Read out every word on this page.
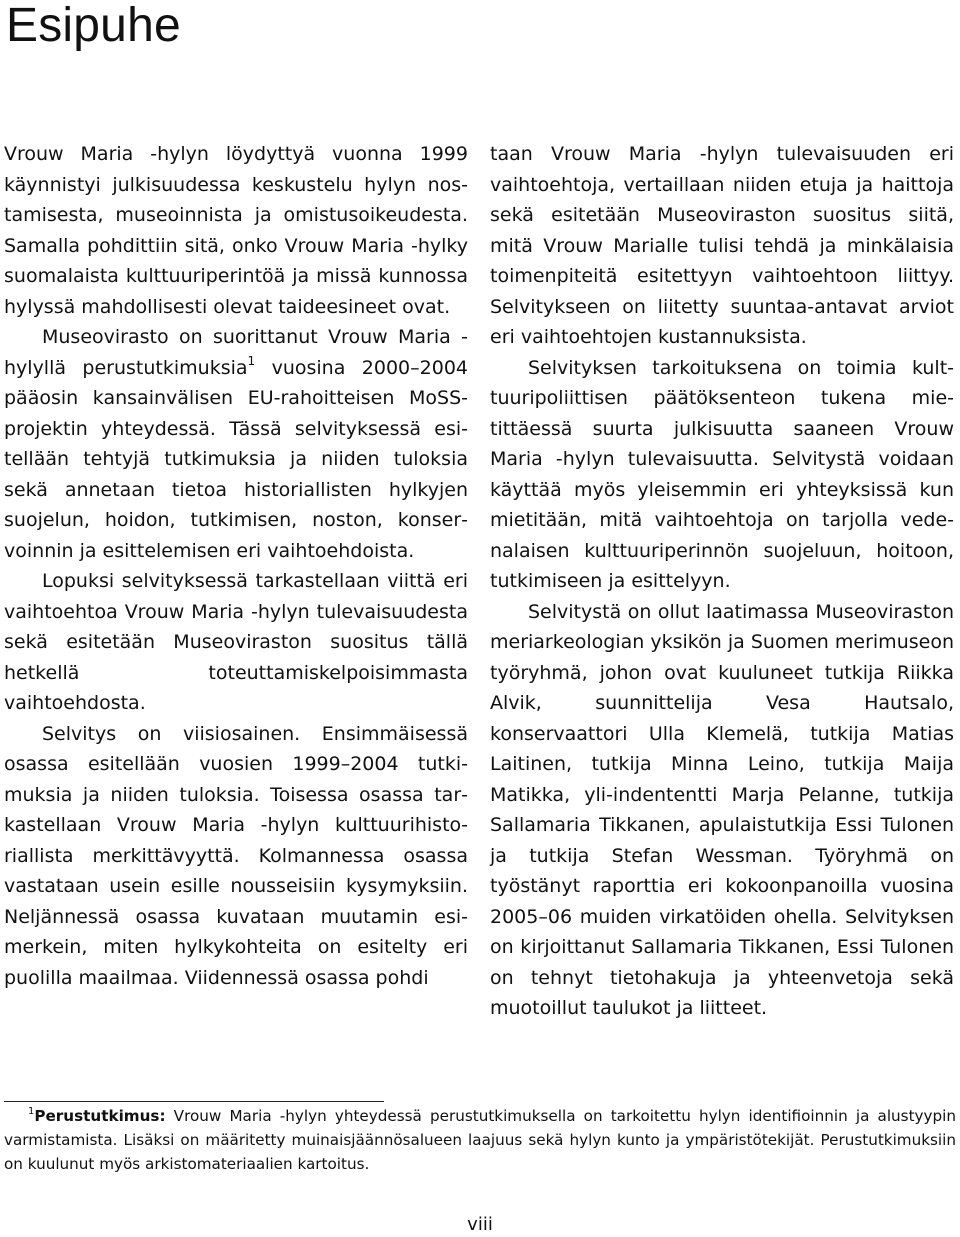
Esipuhe

Vrouw Maria -hylyn löydyttyä vuonna 1999 käynnistyi julkisuudessa keskustelu hylyn nostamisesta, museoinnista ja omistusoikeudesta. Samalla pohdittiin sitä, onko Vrouw Maria -hylky suomalaista kulttuuriperintöä ja missä kunnossa hylyssä mahdollisesti olevat taideesineet ovat.

Museovirasto on suorittanut Vrouw Maria -hylyllä perustutkimuksia$^1$ vuosina 2000–2004 pääosin kansainvälisen EU-rahoitteisen MoSS-projektin yhteydessä. Tässä selvityksessä esitellään tehtyjä tutkimuksia ja niiden tuloksia sekä annetaan tietoa historiallisten hylkyjen suojelun, hoidon, tutkimisen, noston, konservoinnin ja esittelemisen eri vaihtoehdoista.

Lopuksi selvityksessä tarkastellaan viittä eri vaihtoehtoa Vrouw Maria -hylyn tulevaisuudesta sekä esitetään Museoviraston suositus tällä hetkellä toteuttamiskelpoisimmasta vaihtoehdosta.

Selvitys on viisiosainen. Ensimmäisessä osassa esitellään vuosien 1999–2004 tutkimuksia ja niiden tuloksia. Toisessa osassa tarkastellaan Vrouw Maria -hylyn kulttuurihistoriallista merkittävyyttä. Kolmannessa osassa vastataan usein esille nousseisiin kysymyksiin. Neljännessä osassa kuvataan muutamin esimerkein, miten hylkykohteita on esitelty eri puolilla maailmaa. Viidennessä osassa pohdi

taan Vrouw Maria -hylyn tulevaisuuden eri vaihtoehtoja, vertaillaan niiden etuja ja haittoja sekä esitetään Museoviraston suositus siitä, mitä Vrouw Marialle tulisi tehdä ja minkälaisia toimenpiteitä esitettyyn vaihtoehtoon liittyy. Selvitykseen on liitetty suuntaa-antavat arviot eri vaihtoehtojen kustannuksista.

Selvityksen tarkoituksena on toimia kulttuuripoliittisen päätöksenteon tukena mietittäessä suurta julkisuutta saaneen Vrouw Maria -hylyn tulevaisuutta. Selvitystä voidaan käyttää myös yleisemmin eri yhteyksissä kun mietitään, mitä vaihtoehtoja on tarjolla vedenalaisen kulttuuriperinnön suojeluun, hoitoon, tutkimiseen ja esittelyyn.

Selvitystä on ollut laatimassa Museoviraston meriarkeologian yksikön ja Suomen merimuseon työryhmä, johon ovat kuuluneet tutkija Riikka Alvik, suunnittelija Vesa Hautsalo, konservaattori Ulla Klemelä, tutkija Matias Laitinen, tutkija Minna Leino, tutkija Maija Matikka, yli-indententti Marja Pelanne, tutkija Sallamaria Tikkanen, apulaistutkija Essi Tulonen ja tutkija Stefan Wessman. Työryhmä on työstänyt raporttia eri kokoonpanoilla vuosina 2005–06 muiden virkatöiden ohella. Selvityksen on kirjoittanut Sallamaria Tikkanen, Essi Tulonen on tehnyt tietohakuja ja yhteenvetoja sekä muotoillut taulukot ja liitteet.

$^1$Perustutkimus: Vrouw Maria -hylyn yhteydessä perustutkimuksella on tarkoitettu hylyn identifioinnin ja alustyypin varmistamista. Lisäksi on määritetty muinaisjäännösalueen laajuus sekä hylyn kunto ja ympäristötekijät. Perustutkimuksiin on kuulunut myös arkistomateriaalien kartoitus.

viii
